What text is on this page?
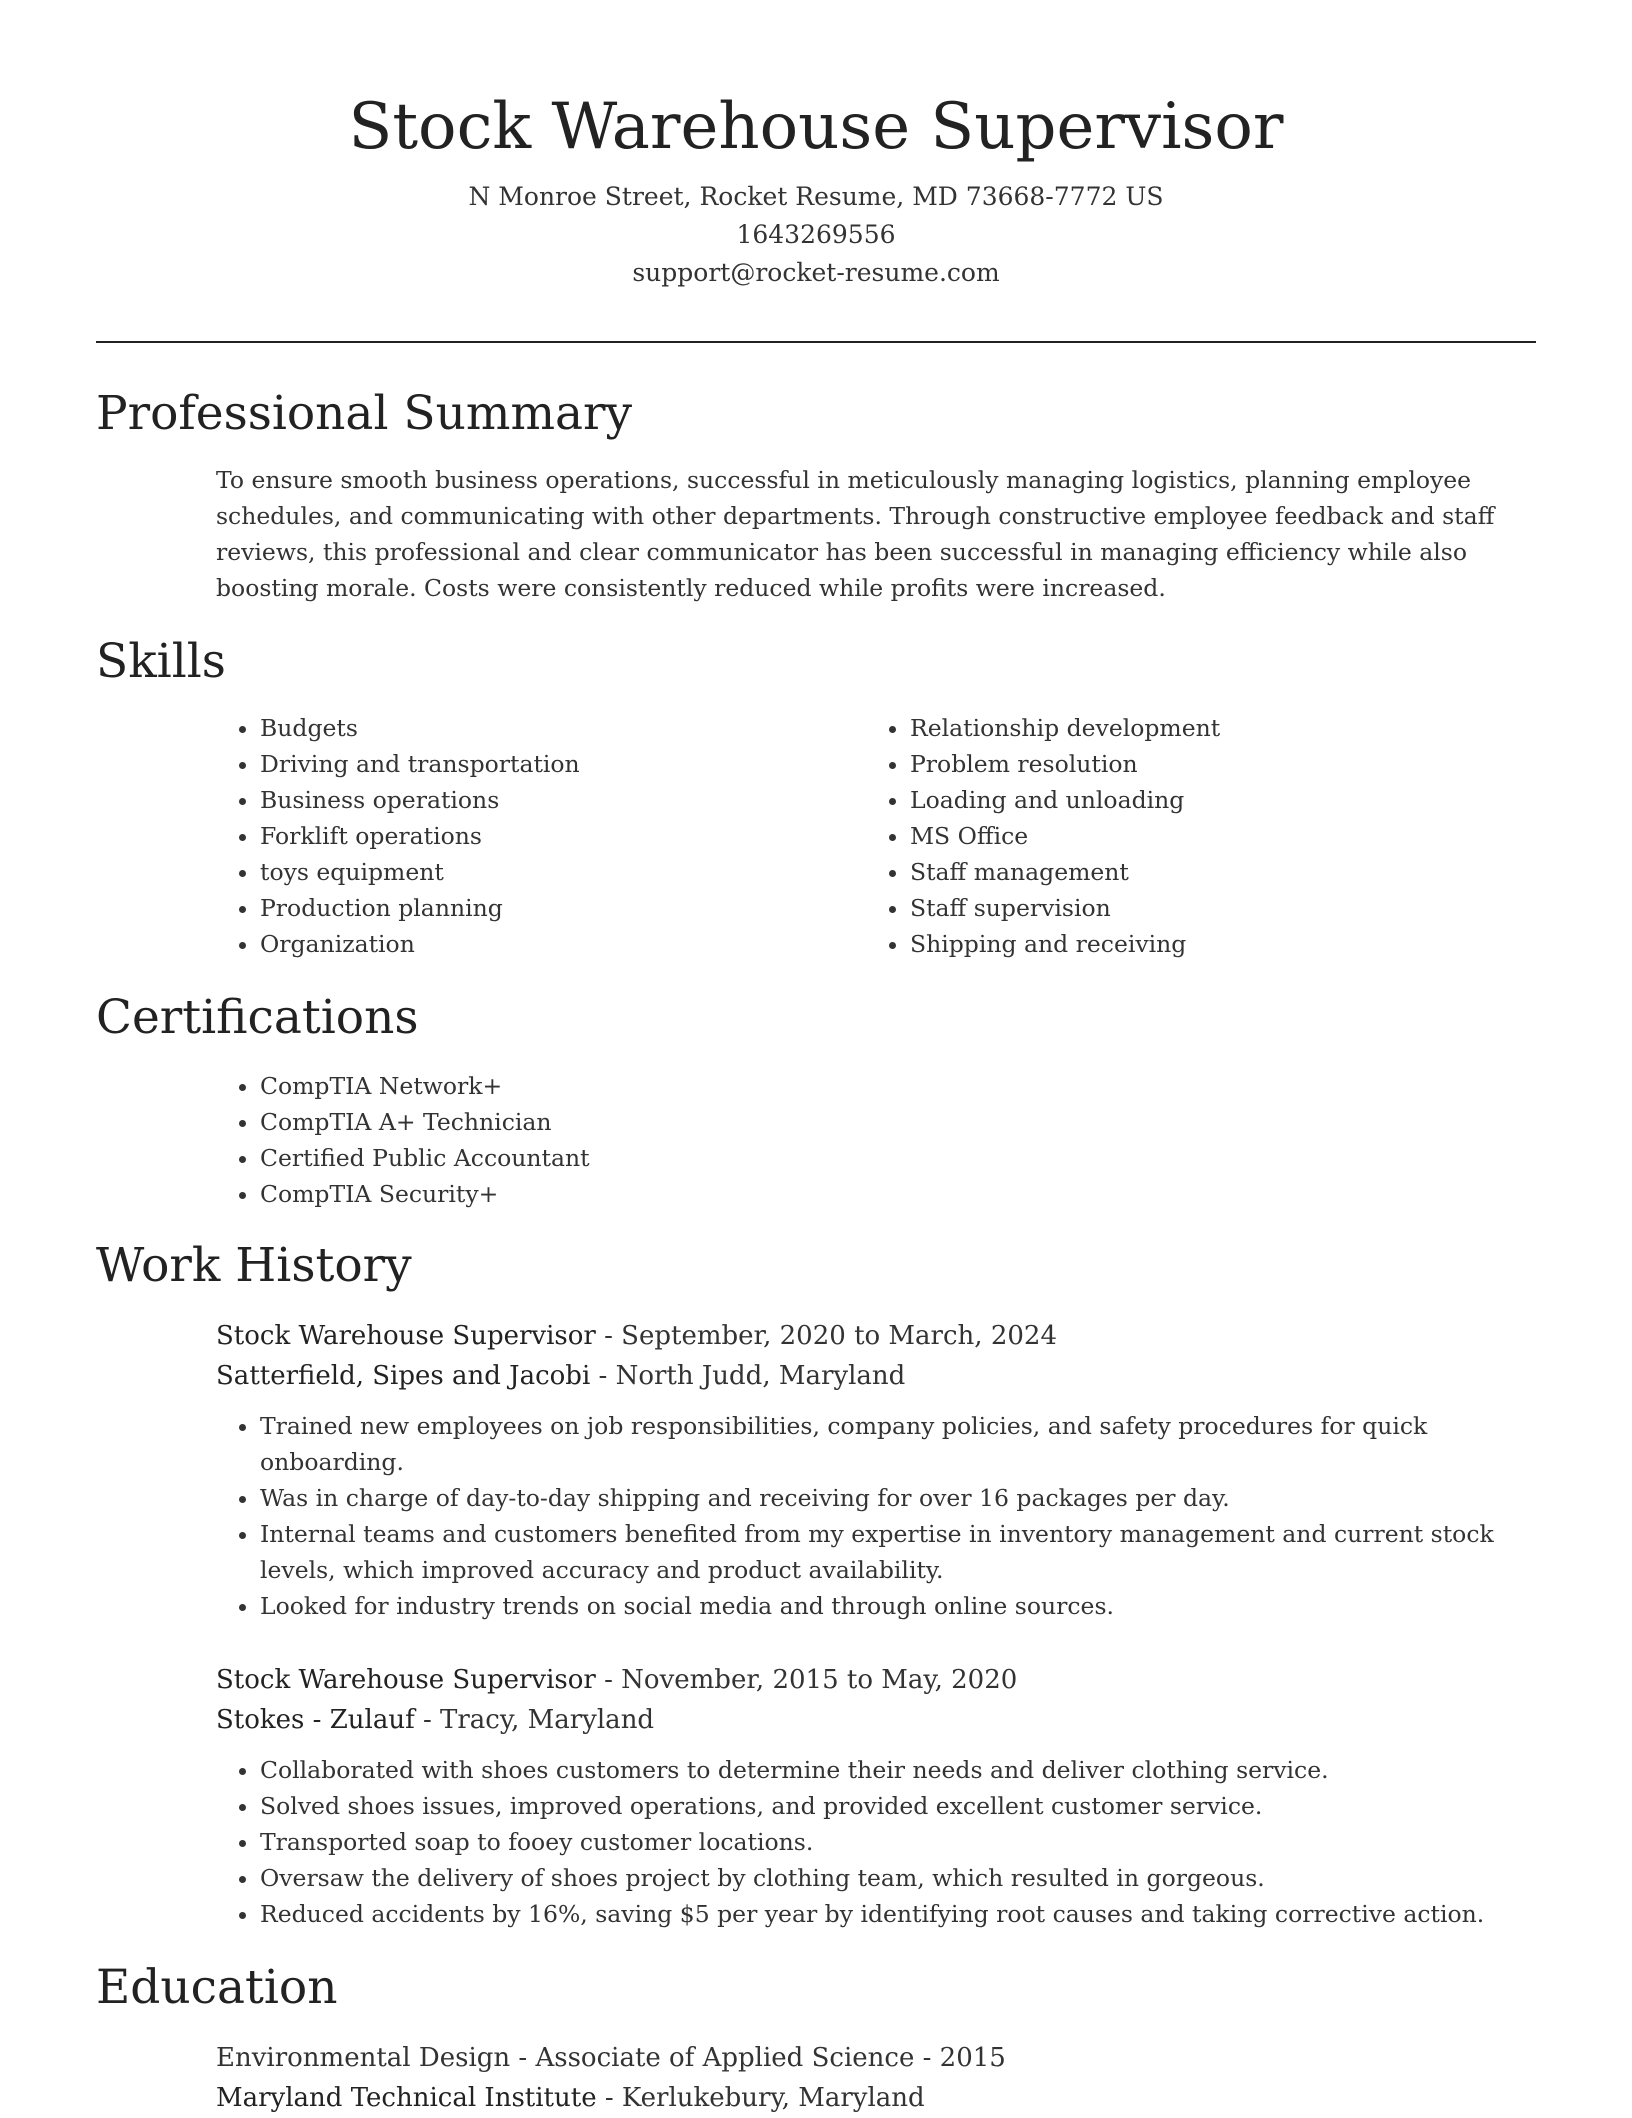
Stock Warehouse Supervisor
N Monroe Street, Rocket Resume, MD 73668-7772 US
1643269556
support@rocket-resume.com
Professional Summary

To ensure smooth business operations, successful in meticulously managing logistics, planning employee schedules, and communicating with other departments. Through constructive employee feedback and staff reviews, this professional and clear communicator has been successful in managing efficiency while also boosting morale. Costs were consistently reduced while profits were increased.

Skills
• Budgets
• Driving and transportation
• Business operations
• Forklift operations
• toys equipment
• Production planning
• Organization
• Relationship development
• Problem resolution
• Loading and unloading
• MS Office
• Staff management
• Staff supervision
• Shipping and receiving
Certifications
• CompTIA Network+
• CompTIA A+ Technician
• Certified Public Accountant
• CompTIA Security+
Work History
Stock Warehouse Supervisor - September, 2020 to March, 2024
Satterfield, Sipes and Jacobi - North Judd, Maryland
• Trained new employees on job responsibilities, company policies, and safety procedures for quick onboarding.
• Was in charge of day-to-day shipping and receiving for over 16 packages per day.
• Internal teams and customers benefited from my expertise in inventory management and current stock levels, which improved accuracy and product availability.
• Looked for industry trends on social media and through online sources.
Stock Warehouse Supervisor - November, 2015 to May, 2020
Stokes - Zulauf - Tracy, Maryland
• Collaborated with shoes customers to determine their needs and deliver clothing service.
• Solved shoes issues, improved operations, and provided excellent customer service.
• Transported soap to fooey customer locations.
• Oversaw the delivery of shoes project by clothing team, which resulted in gorgeous.
• Reduced accidents by 16%, saving $5 per year by identifying root causes and taking corrective action.
Education
Environmental Design - Associate of Applied Science - 2015
Maryland Technical Institute - Kerlukebury, Maryland
